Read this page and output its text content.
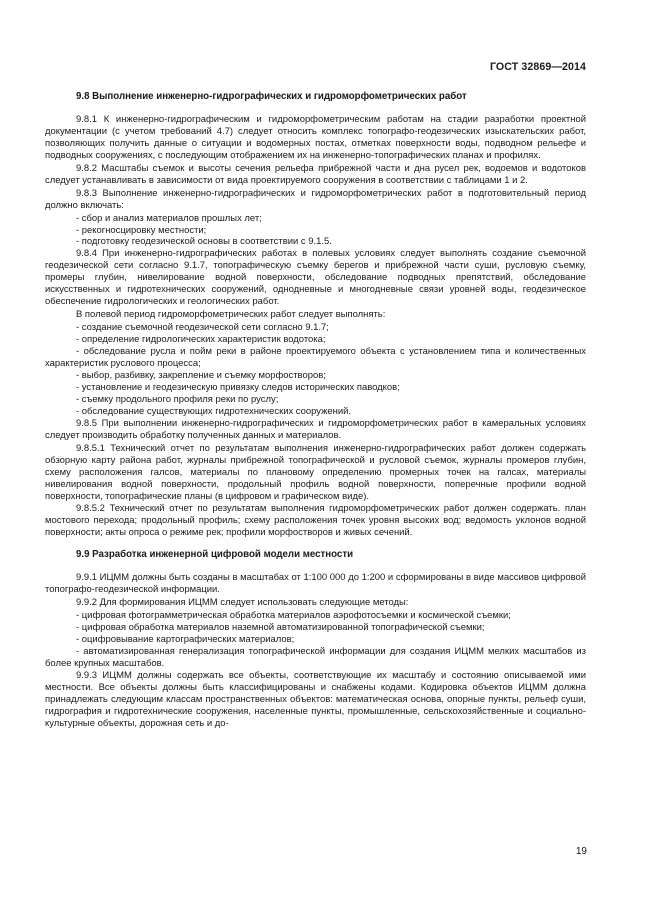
ГОСТ 32869—2014
9.8 Выполнение инженерно-гидрографических и гидроморфометрических работ

9.8.1 К инженерно-гидрографическим и гидроморфометрическим работам на стадии разработки проектной документации (с учетом требований 4.7) следует относить комплекс топографо-геодезических изыскательских работ, позволяющих получить данные о ситуации и водомерных постах, отметках поверхности воды, подводном рельефе и подводных сооружениях, с последующим отображением их на инженерно-топографических планах и профилях.

9.8.2 Масштабы съемок и высоты сечения рельефа прибрежной части и дна русел рек, водоемов и водотоков следует устанавливать в зависимости от вида проектируемого сооружения в соответствии с таблицами 1 и 2.

9.8.3 Выполнение инженерно-гидрографических и гидроморфометрических работ в подготовительный период должно включать:

- сбор и анализ материалов прошлых лет;

- рекогносцировку местности;

- подготовку геодезической основы в соответствии с 9.1.5.

9.8.4 При инженерно-гидрографических работах в полевых условиях следует выполнять создание съемочной геодезической сети согласно 9.1.7, топографическую съемку берегов и прибрежной части суши, русловую съемку, промеры глубин, нивелирование водной поверхности, обследование подводных препятствий, обследование искусственных и гидротехнических сооружений, однодневные и многодневные связи уровней воды, геодезическое обеспечение гидрологических и геологических работ.

В полевой период гидроморфометрических работ следует выполнять:

- создание съемочной геодезической сети согласно 9.1.7;

- определение гидрологических характеристик водотока;

- обследование русла и пойм реки в районе проектируемого объекта с установлением типа и количественных характеристик руслового процесса;

- выбор, разбивку, закрепление и съемку морфостворов;

- установление и геодезическую привязку следов исторических паводков;

- съемку продольного профиля реки по руслу;

- обследование существующих гидротехнических сооружений.

9.8.5 При выполнении инженерно-гидрографических и гидроморфометрических работ в камеральных условиях следует производить обработку полученных данных и материалов.

9.8.5.1 Технический отчет по результатам выполнения инженерно-гидрографических работ должен содержать обзорную карту района работ, журналы прибрежной топографической и русловой съемок, журналы промеров глубин, схему расположения галсов, материалы по плановому определению промерных точек на галсах, материалы нивелирования водной поверхности, продольный профиль водной поверхности, поперечные профили водной поверхности, топографические планы (в цифровом и графическом виде).

9.8.5.2 Технический отчет по результатам выполнения гидроморфометрических работ должен содержать. план мостового перехода; продольный профиль; схему расположения точек уровня высоких вод; ведомость уклонов водной поверхности; акты опроса о режиме рек; профили морфостворов и живых сечений.

9.9 Разработка инженерной цифровой модели местности

9.9.1 ИЦММ должны быть созданы в масштабах от 1:100 000 до 1:200 и сформированы в виде массивов цифровой топографо-геодезической информации.

9.9.2 Для формирования ИЦММ следует использовать следующие методы:

- цифровая фотограмметрическая обработка материалов аэрофотосъемки и космической съемки;

- цифровая обработка материалов наземной автоматизированной топографической съемки;

- оцифровывание картографических материалов;

- автоматизированная генерализация топографической информации для создания ИЦММ мелких масштабов из более крупных масштабов.

9.9.3 ИЦММ должны содержать все объекты, соответствующие их масштабу и состоянию описываемой ими местности. Все объекты должны быть классифицированы и снабжены кодами. Кодировка объектов ИЦММ должна принадлежать следующим классам пространственных объектов: математическая основа, опорные пункты, рельеф суши, гидрография и гидротехнические сооружения, населенные пункты, промышленные, сельскохозяйственные и социально-культурные объекты, дорожная сеть и до-

19
